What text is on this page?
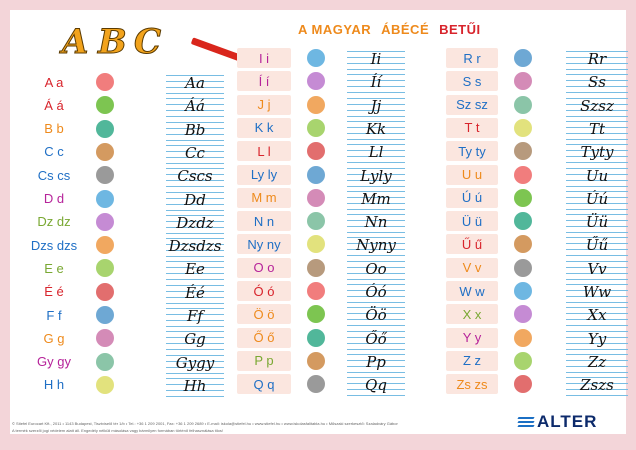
A B C	A MAGYAR ÁBÉCÉ BETŰI
A a	Aa
Á á	Áá
B b	Bb
C c	Cc
Cs cs	Cscs
D d	Dd
Dz dz	Dzdz
Dzs dzs	Dzsdzs
E e	Ee
É é	Éé
F f	Ff
G g	Gg
Gy gy	Gygy
H h	Hh
I i	Ii
Í í	Íí
J j	Jj
K k	Kk
L l	Ll
Ly ly	Lyly
M m	Mm
N n	Nn
Ny ny	Nyny
O o	Oo
Ó ó	Óó
Ö ö	Öö
Ő ő	Őő
P p	Pp
Q q	Qq
R r	Rr
S s	Ss
Sz sz	Szsz
T t	Tt
Ty ty	Tyty
U u	Uu
Ú ú	Úú
Ü ü	Üü
Ű ű	Űű
V v	Vv
W w	Ww
X x	Xx
Y y	Yy
Z z	Zz
Zs zs	Zszs
© Stiefel Eurocart Kft., 2011 • 1143 Budapest, Tisztviselő tér 1/b • Tel.: +36 1 209 2001, Fax: +36 1 209 2689 • E-mail: iskola@stiefel.hu • www.stiefel.hu • www.iskolasfalitabla.hu • Műszaki szerkesztő: Szaladváry Gábor
A termék szerzői jogi védelem alatt áll. Engedély nélküli másolása vagy bármilyen formában történő felhasználása tilos!	ALTER
